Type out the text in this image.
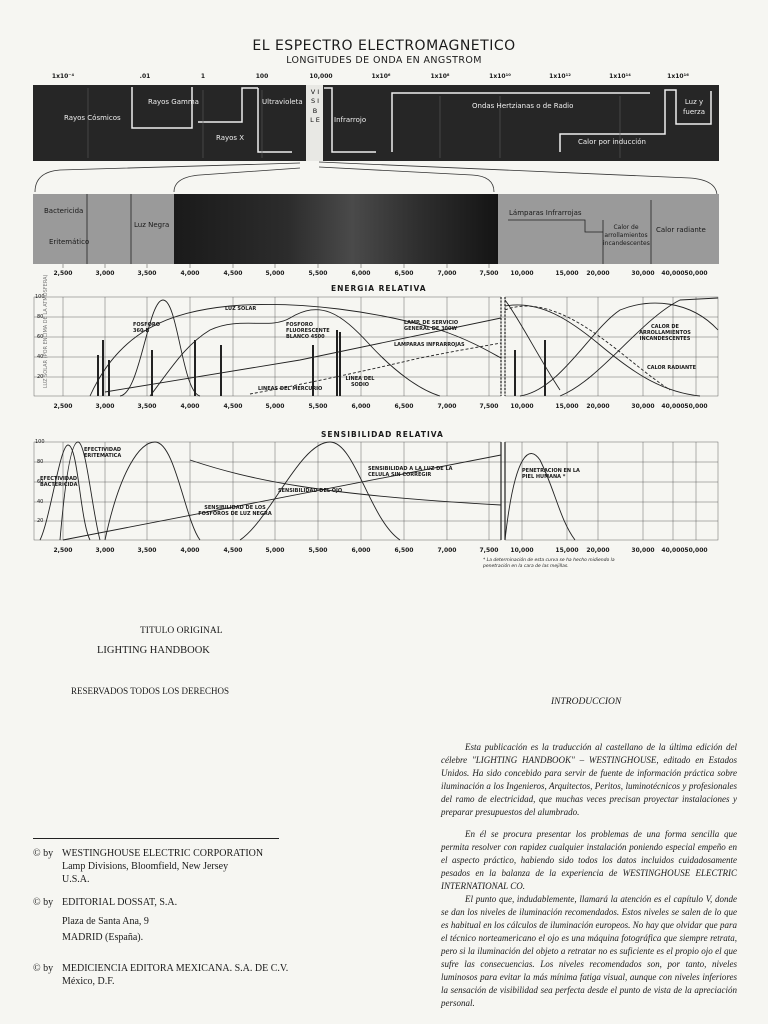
EL ESPECTRO ELECTROMAGNETICO
LONGITUDES DE ONDA EN ANGSTROM
1x10⁻⁴	.01	1	100	10,000	1x10⁶	1x10⁸	1x10¹⁰	1x10¹²	1x10¹⁴	1x10¹⁶
Rayos Cósmicos
Rayos Gamma
Rayos X
Ultravioleta
V I S I B L E Infrarrojo
Ondas Hertzianas o de Radio	Luz y fuerza
Calor por inducción
Bactericida
Eritemático
Luz Negra
Lámparas Infrarrojas
Calor de arrollamientos incandescentes
Calor radiante
2,500	3,000	3,500	4,000	4,500	5,000	5,500	6,000	6,500	7,000	7,500 10,000	15,000 20,000	30,000 40,000 50,000
ENERGIA RELATIVA
100
80
60
40
20
FOSFORO 360-B
LUZ SOLAR
FOSFORO FLUORESCENTE BLANCO 4500
LAMP. DE SERVICIO GENERAL DE 300W
LAMPARAS INFRARROJAS
LINEAS DEL MERCURIO
LINEA DEL SODIO
CALOR DE ARROLLAMIENTOS INCANDESCENTES
CALOR RADIANTE
LUZ SOLAR (POR ENCIMA DE LA ATMOSFERA)
2,500	3,000	3,500	4,000	4,500	5,000	5,500	6,000	6,500	7,000	7,500 10,000	15,000 20,000	30,000 40,000 50,000
SENSIBILIDAD RELATIVA
100
80
60
40
20
EFECTIVIDAD ERITEMATICA
EFECTIVIDAD BACTERICIDA
SENSIBILIDAD DE LOS FOSFOROS DE LUZ NEGRA
SENSIBILIDAD DEL OJO
SENSIBILIDAD A LA LUZ DE LA CELULA SIN CORREGIR
PENETRACION EN LA PIEL HUMANA *
2,500	3,000	3,500	4,000	4,500	5,000	5,500	6,000	6,500	7,000	7,500 10,000	15,000 20,000	30,000 40,000 50,000
* La determinación de esta curva se ha hecho midiendo la penetración en la cara de las mejillas.
TITULO ORIGINAL
LIGHTING HANDBOOK
RESERVADOS TODOS LOS DERECHOS
© by WESTINGHOUSE ELECTRIC CORPORATION
Lamp Divisions, Bloomfield, New Jersey
U.S.A.
© by EDITORIAL DOSSAT, S.A.
Plaza de Santa Ana, 9
MADRID (España).
© by MEDICIENCIA EDITORA MEXICANA. S.A. DE C.V.
México, D.F.
INTRODUCCION

Esta publicación es la traducción al castellano de la última edición del célebre "LIGHTING HANDBOOK" – WESTINGHOUSE, editado en Estados Unidos. Ha sido concebido para servir de fuente de información práctica sobre iluminación a los Ingenieros, Arquitectos, Peritos, luminotécnicos y profesionales del ramo de electricidad, que muchas veces precisan proyectar instalaciones y preparar presupuestos del alumbrado.

En él se procura presentar los problemas de una forma sencilla que permita resolver con rapidez cualquier instalación poniendo especial empeño en el aspecto práctico, habiendo sido todos los datos incluidos cuidadosamente pesados en la balanza de la experiencia de WESTINGHOUSE ELECTRIC INTERNATIONAL CO.

El punto que, indudablemente, llamará la atención es el capítulo V, donde se dan los niveles de iluminación recomendados. Estos niveles se salen de lo que es habitual en los cálculos de iluminación europeos. No hay que olvidar que para el técnico norteamericano el ojo es una máquina fotográfica que siempre retrata, pero si la iluminación del objeto a retratar no es suficiente es el propio ojo el que sufre las consecuencias. Los niveles recomendados son, por tanto, niveles luminosos para evitar la más mínima fatiga visual, aunque con niveles inferiores la sensación de visibilidad sea perfecta desde el punto de vista de la apreciación personal.
